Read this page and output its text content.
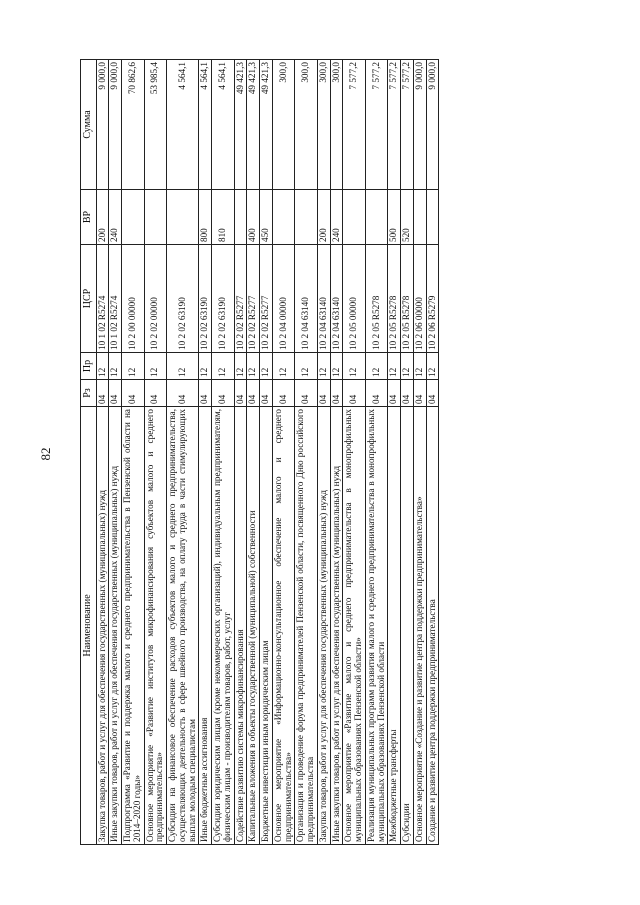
82
Наименование	Рз	Пр	ЦСР	ВР	Сумма
Закупка товаров, работ и услуг для обеспечения государственных (муниципальных) нужд	04	12	10 1 02 R5274	200	9 000,0
Иные закупки товаров, работ и услуг для обеспечения государственных (муниципальных) нужд	04	12	10 1 02 R5274	240	9 000,0
Подпрограмма «Развитие и поддержка малого и среднего предпринимательства в Пензенской области на 2014–2020 годы»	04	12	10 2 00 00000		70 862,6
Основное мероприятие «Развитие институтов микрофинансирования субъектов малого и среднего предпринимательства»	04	12	10 2 02 00000		53 985,4
Субсидии на финансовое обеспечение расходов субъектов малого и среднего предпринимательства, осуществляющих деятельность в сфере швейного производства, на оплату труда в части стимулирующих выплат молодым специалистам	04	12	10 2 02 63190		4 564,1
Иные бюджетные ассигнования	04	12	10 2 02 63190	800	4 564,1
Субсидии юридическим лицам (кроме некоммерческих организаций), индивидуальным предпринимателям, физическим лицам - производителям товаров, работ, услуг	04	12	10 2 02 63190	810	4 564,1
Содействие развитию системы микрофинансирования	04	12	10 2 02 R5277		49 421,3
Капитальные вложения в объекты государственной (муниципальной) собственности	04	12	10 2 02 R5277	400	49 421,3
Бюджетные инвестиции иным юридическим лицам	04	12	10 2 02 R5277	450	49 421,3
Основное мероприятие «Информационно-консультационное обеспечение малого и среднего предпринимательства»	04	12	10 2 04 00000		300,0
Организация и проведение форума предпринимателей Пензенской области, посвященного Дню российского предпринимательства	04	12	10 2 04 63140		300,0
Закупка товаров, работ и услуг для обеспечения государственных (муниципальных) нужд	04	12	10 2 04 63140	200	300,0
Иные закупки товаров, работ и услуг для обеспечения государственных (муниципальных) нужд	04	12	10 2 04 63140	240	300,0
Основное мероприятие «Развитие малого и среднего предпринимательства в монопрофильных муниципальных образованиях Пензенской области»	04	12	10 2 05 00000		7 577,2
Реализация муниципальных программ развития малого и среднего предпринимательства в монопрофильных муниципальных образованиях Пензенской области	04	12	10 2 05 R5278		7 577,2
Межбюджетные трансферты	04	12	10 2 05 R5278	500	7 577,2
Субсидии	04	12	10 2 05 R5278	520	7 577,2
Основное мероприятие «Создание и развитие центра поддержки предпринимательства»	04	12	10 2 06 00000		9 000,0
Создание и развитие центра поддержки предпринимательства	04	12	10 2 06 R5279		9 000,0
